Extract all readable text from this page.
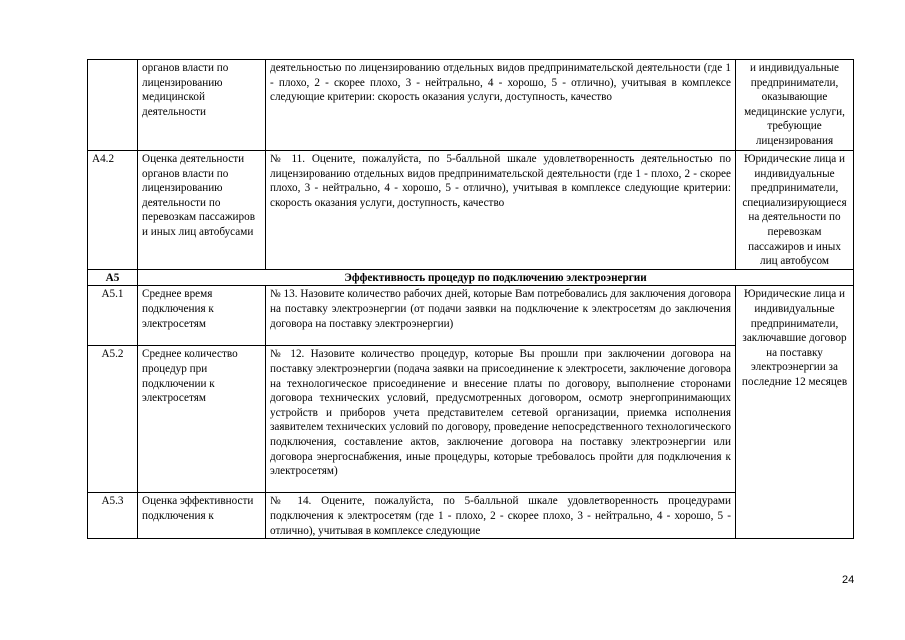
	органов власти по лицензированию медицинской деятельности	деятельностью по лицензированию отдельных видов предпринимательской деятельности (где 1 - плохо, 2 - скорее плохо, 3 - нейтрально, 4 - хорошо, 5 - отлично), учитывая в комплексе следующие критерии: скорость оказания услуги, доступность, качество	и индивидуальные предприниматели, оказывающие медицинские услуги, требующие лицензирования
А4.2	Оценка деятельности органов власти по лицензированию деятельности по перевозкам пассажиров и иных лиц автобусами	№ 11. Оцените, пожалуйста, по 5-балльной шкале удовлетворенность деятельностью по лицензированию отдельных видов предпринимательской деятельности (где 1 - плохо, 2 - скорее плохо, 3 - нейтрально, 4 - хорошо, 5 - отлично), учитывая в комплексе следующие критерии: скорость оказания услуги, доступность, качество	Юридические лица и индивидуальные предприниматели, специализирующиеся на деятельности по перевозкам пассажиров и иных лиц автобусом
А5	Эффективность процедур по подключению электроэнергии		
А5.1	Среднее время подключения к электросетям	№ 13. Назовите количество рабочих дней, которые Вам потребовались для заключения договора на поставку электроэнергии (от подачи заявки на подключение к электросетям до заключения договора на поставку электроэнергии)	Юридические лица и индивидуальные предприниматели, заключавшие договор на поставку электроэнергии за последние 12 месяцев
А5.2	Среднее количество процедур при подключении к электросетям	№ 12. Назовите количество процедур, которые Вы прошли при заключении договора на поставку электроэнергии (подача заявки на присоединение к электросети, заключение договора на технологическое присоединение и внесение платы по договору, выполнение сторонами договора технических условий, предусмотренных договором, осмотр энергопринимающих устройств и приборов учета представителем сетевой организации, приемка исполнения заявителем технических условий по договору, проведение непосредственного технологического подключения, составление актов, заключение договора на поставку электроэнергии или договора энергоснабжения, иные процедуры, которые требовалось пройти для подключения к электросетям)	
А5.3	Оценка эффективности подключения к	№ 14. Оцените, пожалуйста, по 5-балльной шкале удовлетворенность процедурами подключения к электросетям (где 1 - плохо, 2 - скорее плохо, 3 - нейтрально, 4 - хорошо, 5 - отлично), учитывая в комплексе следующие	
24
